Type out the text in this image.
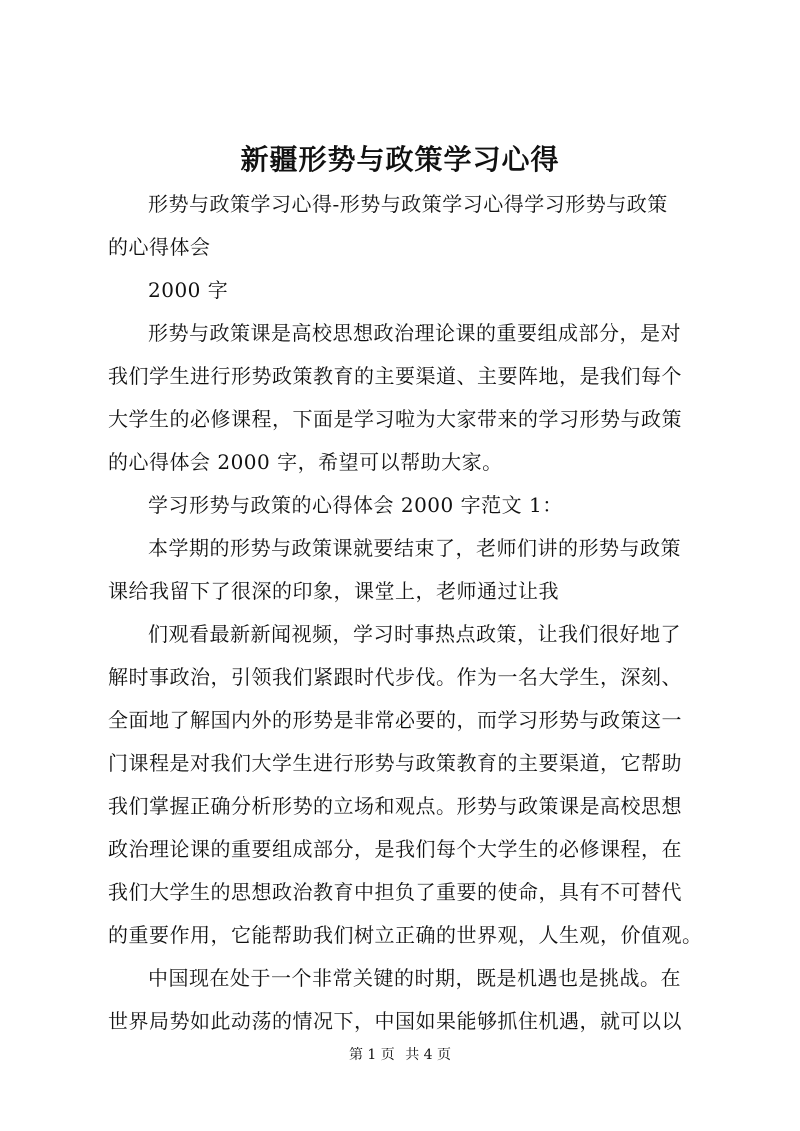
新疆形势与政策学习心得

形势与政策学习心得-形势与政策学习心得学习形势与政策
的心得体会

2000 字

形势与政策课是高校思想政治理论课的重要组成部分，是对
我们学生进行形势政策教育的主要渠道、主要阵地，是我们每个
大学生的必修课程，下面是学习啦为大家带来的学习形势与政策
的心得体会 2000 字，希望可以帮助大家。

学习形势与政策的心得体会 2000 字范文 1：

本学期的形势与政策课就要结束了，老师们讲的形势与政策
课给我留下了很深的印象，课堂上，老师通过让我

们观看最新新闻视频，学习时事热点政策，让我们很好地了
解时事政治，引领我们紧跟时代步伐。作为一名大学生，深刻、
全面地了解国内外的形势是非常必要的，而学习形势与政策这一
门课程是对我们大学生进行形势与政策教育的主要渠道，它帮助
我们掌握正确分析形势的立场和观点。形势与政策课是高校思想
政治理论课的重要组成部分，是我们每个大学生的必修课程，在
我们大学生的思想政治教育中担负了重要的使命，具有不可替代
的重要作用，它能帮助我们树立正确的世界观，人生观，价值观。

中国现在处于一个非常关键的时期，既是机遇也是挑战。在
世界局势如此动荡的情况下，中国如果能够抓住机遇，就可以以

第 1 页 共 4 页
